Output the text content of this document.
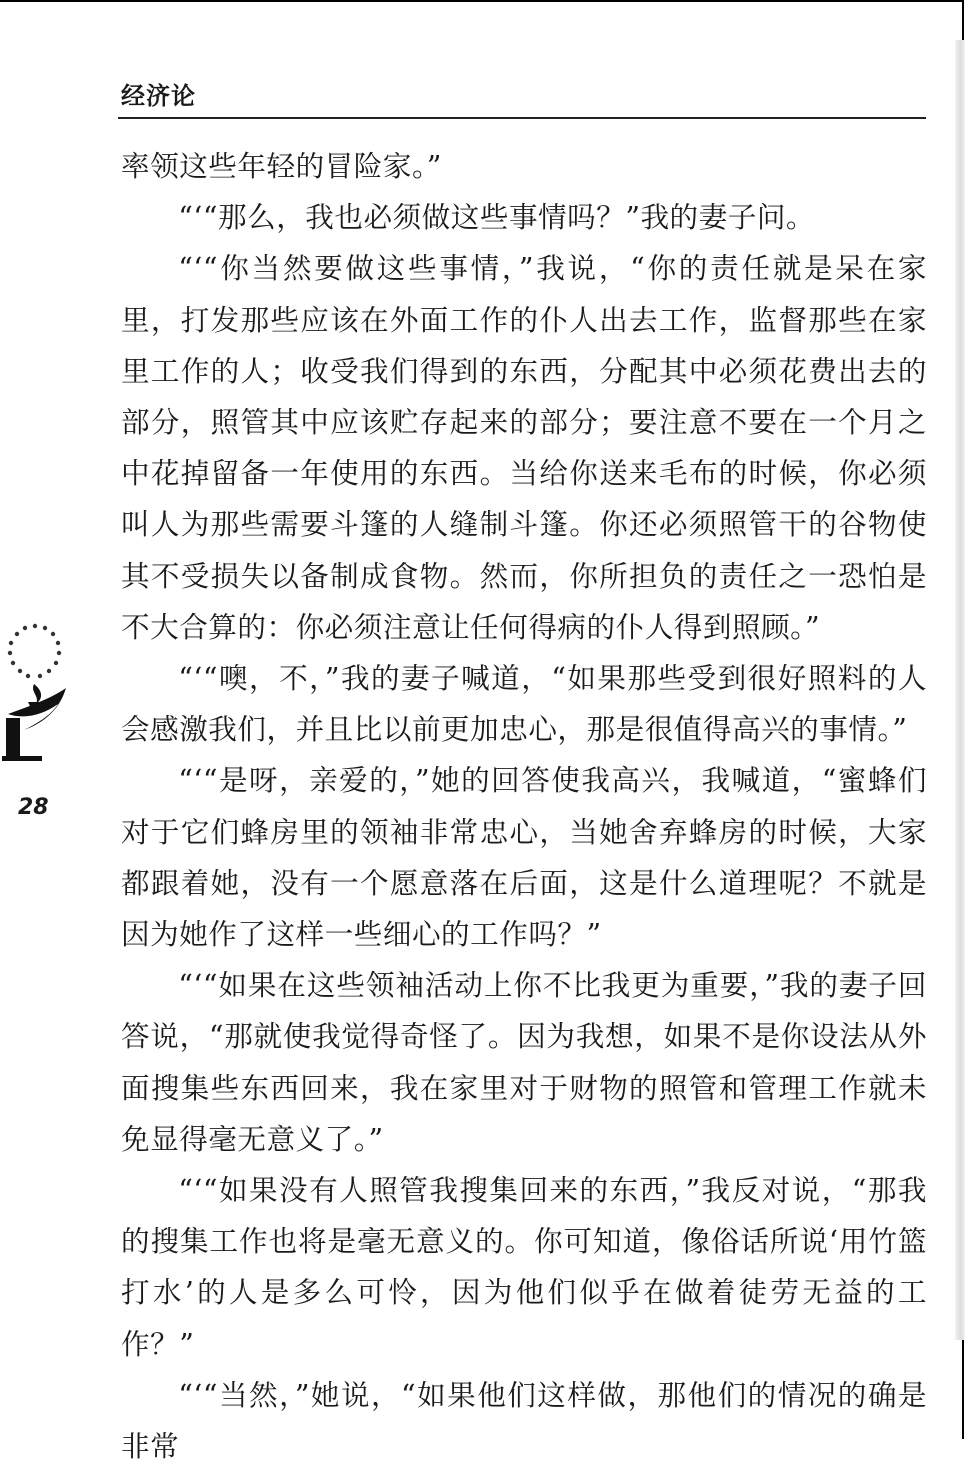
经济论

率领这些年轻的冒险家。”

“‘“那么，我也必须做这些事情吗？”我的妻子问。

“‘“你当然要做这些事情，”我说，“你的责任就是呆在家里，打发那些应该在外面工作的仆人出去工作，监督那些在家里工作的人；收受我们得到的东西，分配其中必须花费出去的部分，照管其中应该贮存起来的部分；要注意不要在一个月之中花掉留备一年使用的东西。当给你送来毛布的时候，你必须叫人为那些需要斗篷的人缝制斗篷。你还必须照管干的谷物使其不受损失以备制成食物。然而，你所担负的责任之一恐怕是不大合算的：你必须注意让任何得病的仆人得到照顾。”

“‘“噢，不，”我的妻子喊道，“如果那些受到很好照料的人会感激我们，并且比以前更加忠心，那是很值得高兴的事情。”

“‘“是呀，亲爱的，”她的回答使我高兴，我喊道，“蜜蜂们对于它们蜂房里的领袖非常忠心，当她舍弃蜂房的时候，大家都跟着她，没有一个愿意落在后面，这是什么道理呢？不就是因为她作了这样一些细心的工作吗？”

“‘“如果在这些领袖活动上你不比我更为重要，”我的妻子回答说，“那就使我觉得奇怪了。因为我想，如果不是你设法从外面搜集些东西回来，我在家里对于财物的照管和管理工作就未免显得毫无意义了。”

“‘“如果没有人照管我搜集回来的东西，”我反对说，“那我的搜集工作也将是毫无意义的。你可知道，像俗话所说‘用竹篮打水’的人是多么可怜，因为他们似乎在做着徒劳无益的工作？”

“‘“当然，”她说，“如果他们这样做，那他们的情况的确是非常

28
